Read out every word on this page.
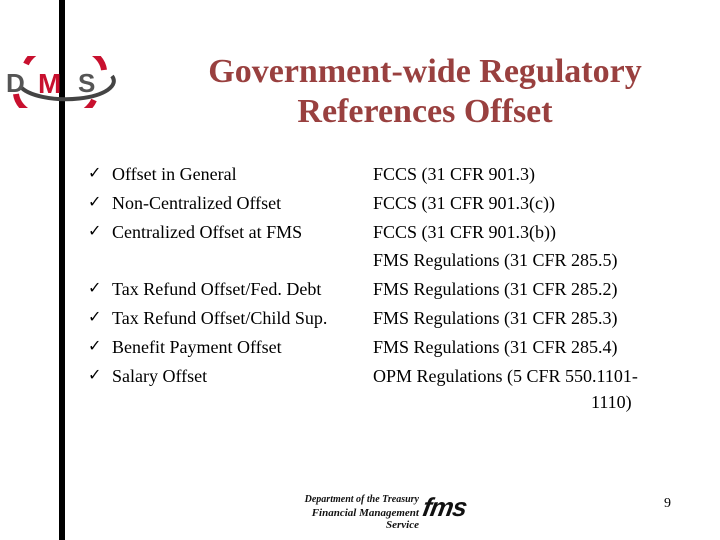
D M S	Government-wide Regulatory
References Offset
✓ Offset in General	FCCS (31 CFR 901.3)
✓ Non-Centralized Offset	FCCS (31 CFR 901.3(c))
✓ Centralized Offset at FMS	FCCS (31 CFR 901.3(b))
FMS Regulations (31 CFR 285.5)
✓ Tax Refund Offset/Fed. Debt	FMS Regulations (31 CFR 285.2)
✓ Tax Refund Offset/Child Sup.	FMS Regulations (31 CFR 285.3)
✓ Benefit Payment Offset	FMS Regulations (31 CFR 285.4)
✓ Salary Offset	OPM Regulations (5 CFR 550.1101-
1110)
9
Department of the Treasury
Financial Management Service
fms
